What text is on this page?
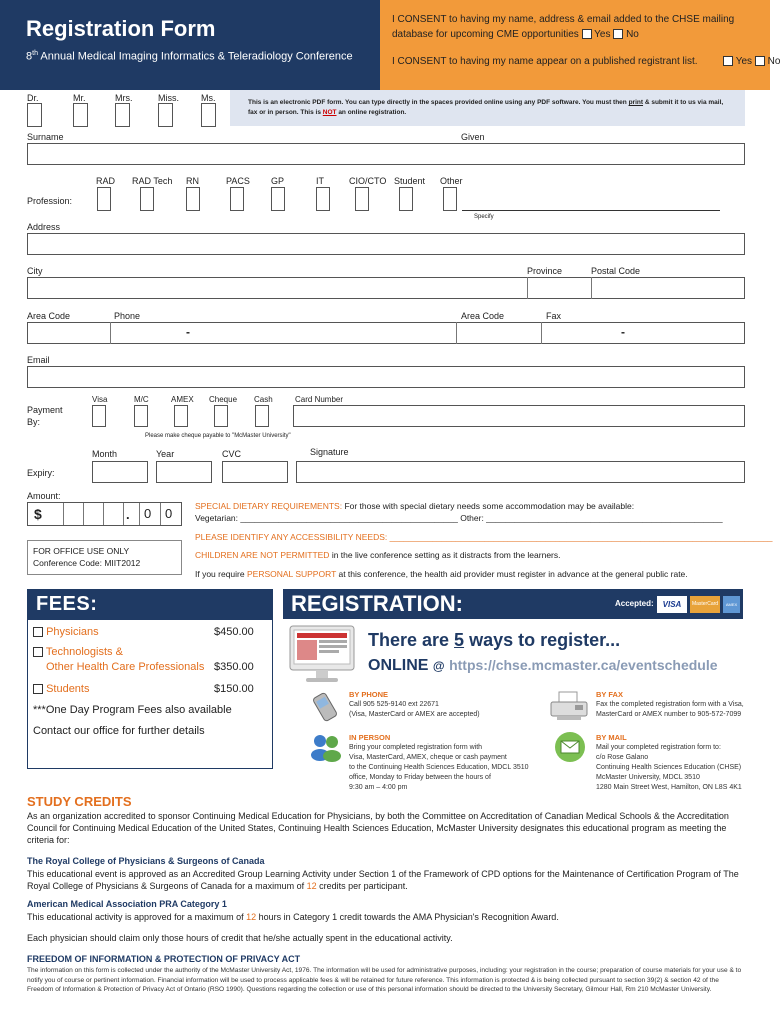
Registration Form
8th Annual Medical Imaging Informatics & Teleradiology Conference
I CONSENT to having my name, address & email added to the CHSE mailing
database for upcoming CME opportunities Yes No
I CONSENT to having my name appear on a published registrant list.	Yes No
Dr.	Mr.	Mrs.	Miss. Ms.	This is an electronic PDF form. You can type directly in the spaces provided online using any PDF software. You must then print & submit it to us via mail, fax or in person. This is NOT an online registration.
Surname	Given
RAD RAD Tech RN	PACS GP	IT	CIO/CTO Student Other
Profession:
Specify
Address
City	Province	Postal Code
Area Code	Phone	Area Code	Fax
-	-
Email
Visa	M/C	AMEX Cheque Cash	Card Number
Payment By:
Please make cheque payable to "McMaster University"
Month	Year	CVC	Signature
Expiry:
Amount:
$	. 0 0	SPECIAL DIETARY REQUIREMENTS: For those with special dietary needs some accommodation may be available:
Vegetarian: ______________________________________________ Other: __________________________________________________
PLEASE IDENTIFY ANY ACCESSIBILITY NEEDS: _________________________________________________________________________________
FOR OFFICE USE ONLY
Conference Code: MIIT2012
CHILDREN ARE NOT PERMITTED in the live conference setting as it distracts from the learners.
If you require PERSONAL SUPPORT at this conference, the health aid provider must register in advance at the general public rate.
FEES:
Physicians	$450.00
Technologists &
Other Health Care Professionals $350.00
Students	$150.00
***One Day Program Fees also available
Contact our office for further details
REGISTRATION:	Accepted:	VISA	MasterCard	AMEX
There are 5 ways to register...
ONLINE @ https://chse.mcmaster.ca/eventschedule
BY PHONE
Call 905 525-9140 ext 22671
(Visa, MasterCard or AMEX are accepted)
BY FAX
Fax the completed registration form with a Visa,
MasterCard or AMEX number to 905-572-7099
IN PERSON
Bring your completed registration form with
Visa, MasterCard, AMEX, cheque or cash payment
to the Continuing Health Sciences Education, MDCL 3510
office, Monday to Friday between the hours of
9:30 am – 4:00 pm
BY MAIL
Mail your completed registration form to:
c/o Rose Galano
Continuing Health Sciences Education (CHSE)
McMaster University, MDCL 3510
1280 Main Street West, Hamilton, ON L8S 4K1
STUDY CREDITS
As an organization accredited to sponsor Continuing Medical Education for Physicians, by both the Committee on Accreditation of Canadian Medical Schools & the Accreditation Council for Continuing Medical Education of the United States, Continuing Health Sciences Education, McMaster University designates this educational program as meeting the criteria for:
The Royal College of Physicians & Surgeons of Canada
This educational event is approved as an Accredited Group Learning Activity under Section 1 of the Framework of CPD options for the Maintenance of Certification Program of The Royal College of Physicians & Surgeons of Canada for a maximum of 12 credits per participant.
American Medical Association PRA Category 1
This educational activity is approved for a maximum of 12 hours in Category 1 credit towards the AMA Physician's Recognition Award.
Each physician should claim only those hours of credit that he/she actually spent in the educational activity.
FREEDOM OF INFORMATION & PROTECTION OF PRIVACY ACT
The information on this form is collected under the authority of the McMaster University Act, 1976. The information will be used for administrative purposes, including: your registration in the course; preparation of course materials for your use & to notify you of course or pertinent information. Financial information will be used to process applicable fees & will be retained for future reference. This information is protected & is being collected pursuant to section 39(2) & section 42 of the Freedom of Information & Protection of Privacy Act of Ontario (RSO 1990). Questions regarding the collection or use of this personal information should be directed to the University Secretary, Gilmour Hall, Rm 210 McMaster University.
